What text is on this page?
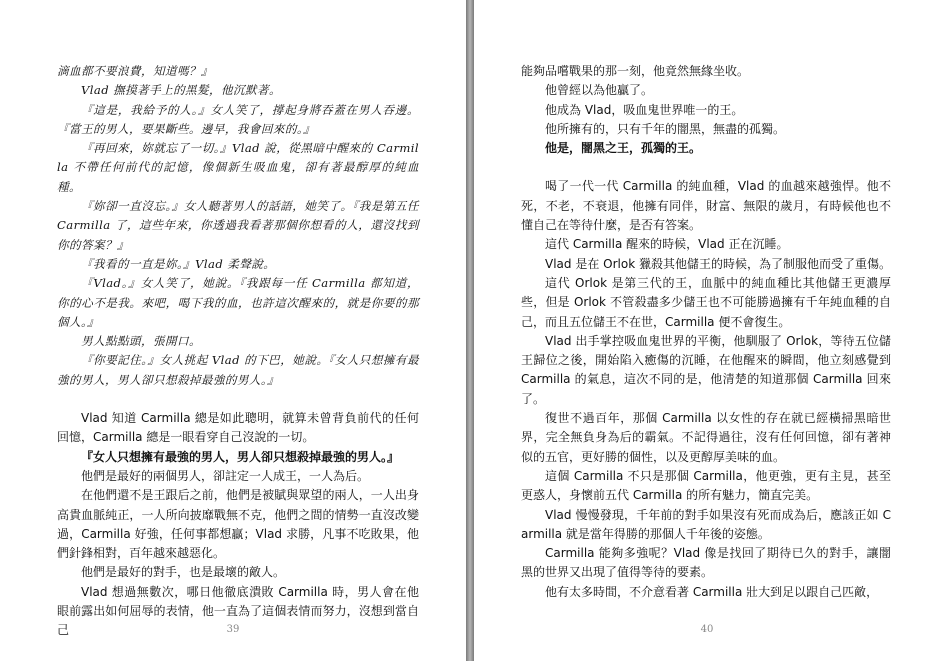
滴血都不要浪費，知道嗎？』

Vlad 撫摸著手上的黑髮，他沉默著。

『這是，我給予的人。』女人笑了，撐起身將吞蓋在男人吞邊。『當王的男人，要果斷些。邊早，我會回來的。』

『再回來，妳就忘了一切。』Vlad 說，從黑暗中醒來的 Carmilla 不帶任何前代的記憶，像個新生吸血鬼，卻有著最醇厚的純血種。

『妳卻一直沒忘。』女人聽著男人的話語，她笑了。『我是第五任 Carmilla 了，這些年來，你透過我看著那個你想看的人，還沒找到你的答案？』

『我看的一直是妳。』Vlad 柔聲說。

『Vlad。』女人笑了，她說。『我跟每一任 Carmilla 都知道，你的心不是我。來吧，喝下我的血，也許這次醒來的，就是你要的那個人。』

男人點點頭，張開口。

『你要記住。』女人挑起 Vlad 的下巴，她說。『女人只想擁有最強的男人，男人卻只想殺掉最強的男人。』

Vlad 知道 Carmilla 總是如此聰明，就算未曾背負前代的任何回憶，Carmilla 總是一眼看穿自己沒說的一切。

『女人只想擁有最強的男人，男人卻只想殺掉最強的男人。』

他們是最好的兩個男人，卻註定一人成王，一人為后。

在他們還不是王跟后之前，他們是被賦與眾望的兩人，一人出身高貴血脈純正，一人所向披靡戰無不克，他們之間的情勢一直沒改變過，Carmilla 好強，任何事都想贏；Vlad 求勝，凡事不吃敗果，他們針鋒相對，百年越來越惡化。

他們是最好的對手，也是最壞的敵人。

Vlad 想過無數次，哪日他徹底潰敗 Carmilla 時，男人會在他眼前露出如何屈辱的表情，他一直為了這個表情而努力，沒想到當自己	39

能夠品嚐戰果的那一刻，他竟然無緣坐收。

他曾經以為他贏了。

他成為 Vlad，吸血鬼世界唯一的王。

他所擁有的，只有千年的闇黑，無盡的孤獨。

他是，闇黑之王，孤獨的王。

喝了一代一代 Carmilla 的純血種，Vlad 的血越來越強悍。他不死，不老，不衰退，他擁有同伴，財富、無限的歲月，有時候他也不懂自己在等待什麼，是否有答案。

這代 Carmilla 醒來的時候，Vlad 正在沉睡。

Vlad 是在 Orlok 獵殺其他儲王的時候，為了制服他而受了重傷。

這代 Orlok 是第三代的王，血脈中的純血種比其他儲王更濃厚些，但是 Orlok 不管殺盡多少儲王也不可能勝過擁有千年純血種的自己，而且五位儲王不在世，Carmilla 便不會復生。

Vlad 出手掌控吸血鬼世界的平衡，他馴服了 Orlok，等待五位儲王歸位之後，開始陷入癒傷的沉睡，在他醒來的瞬間，他立刻感覺到 Carmilla 的氣息，這次不同的是，他清楚的知道那個 Carmilla 回來了。

復世不過百年，那個 Carmilla 以女性的存在就已經橫掃黑暗世界，完全無負身為后的霸氣。不記得過往，沒有任何回憶，卻有著神似的五官，更好勝的個性，以及更醇厚美味的血。

這個 Carmilla 不只是那個 Carmilla，他更強，更有主見，甚至更惑人，身懷前五代 Carmilla 的所有魅力，簡直完美。

Vlad 慢慢發現，千年前的對手如果沒有死而成為后，應該正如 Carmilla 就是當年得勝的那個人千年後的姿態。

Carmilla 能夠多強呢？Vlad 像是找回了期待已久的對手，讓闇黑的世界又出現了值得等待的要素。

他有太多時間，不介意看著 Carmilla 壯大到足以跟自己匹敵，

40
